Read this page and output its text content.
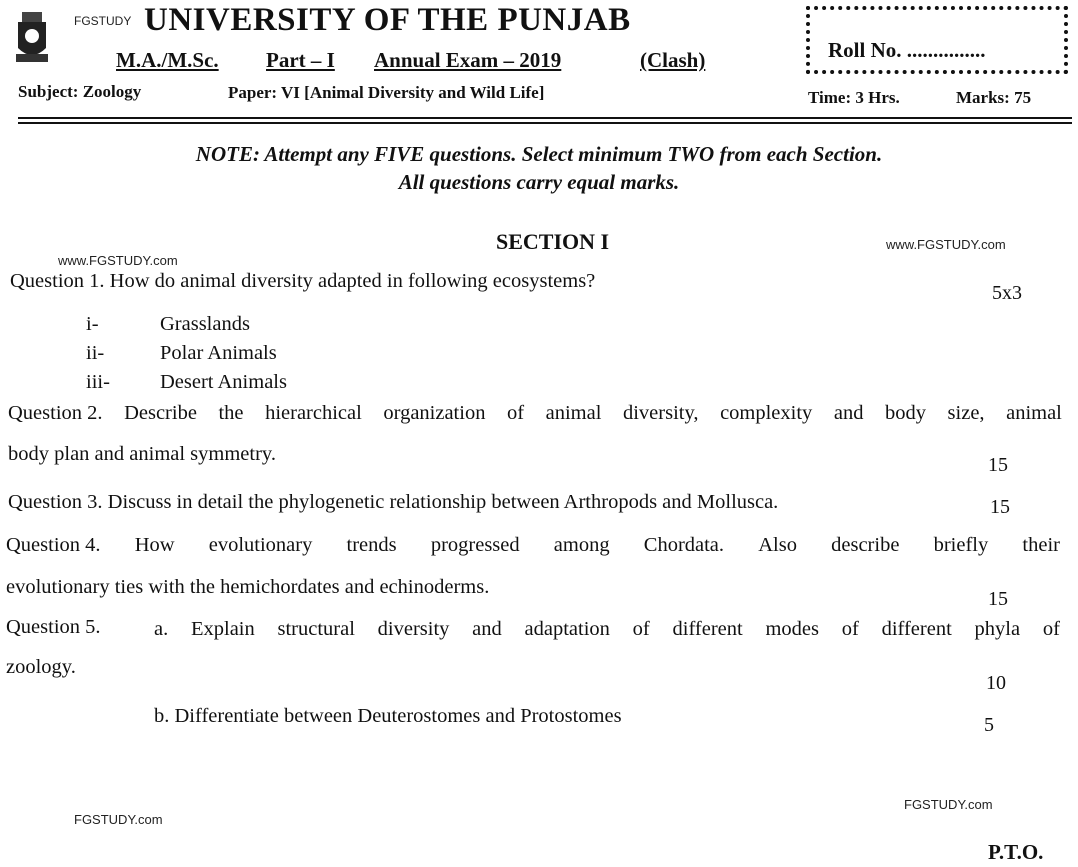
FGSTUDY UNIVERSITY OF THE PUNJAB
M.A./M.Sc. Part – I Annual Exam – 2019	(Clash)	Roll No. ...............
Subject: Zoology	Paper: VI [Animal Diversity and Wild Life]	Time: 3 Hrs.	Marks: 75
NOTE: Attempt any FIVE questions. Select minimum TWO from each Section.
All questions carry equal marks.
SECTION I
www.FGSTUDY.com
www.FGSTUDY.com
Question 1. How do animal diversity adapted in following ecosystems?
5x3
i-	Grasslands
ii-	Polar Animals
iii- Desert Animals
Question 2. Describe the hierarchical organization of animal diversity, complexity and body size, animal
body plan and animal symmetry.	15
Question 3. Discuss in detail the phylogenetic relationship between Arthropods and Mollusca.	15
Question 4. How evolutionary trends progressed among Chordata. Also describe briefly their
evolutionary ties with the hemichordates and echinoderms.
15
Question 5.	a. Explain structural diversity and adaptation of different modes of different phyla of
zoology.
10
b. Differentiate between Deuterostomes and Protostomes	5
FGSTUDY.com
FGSTUDY.com
P.T.O.
